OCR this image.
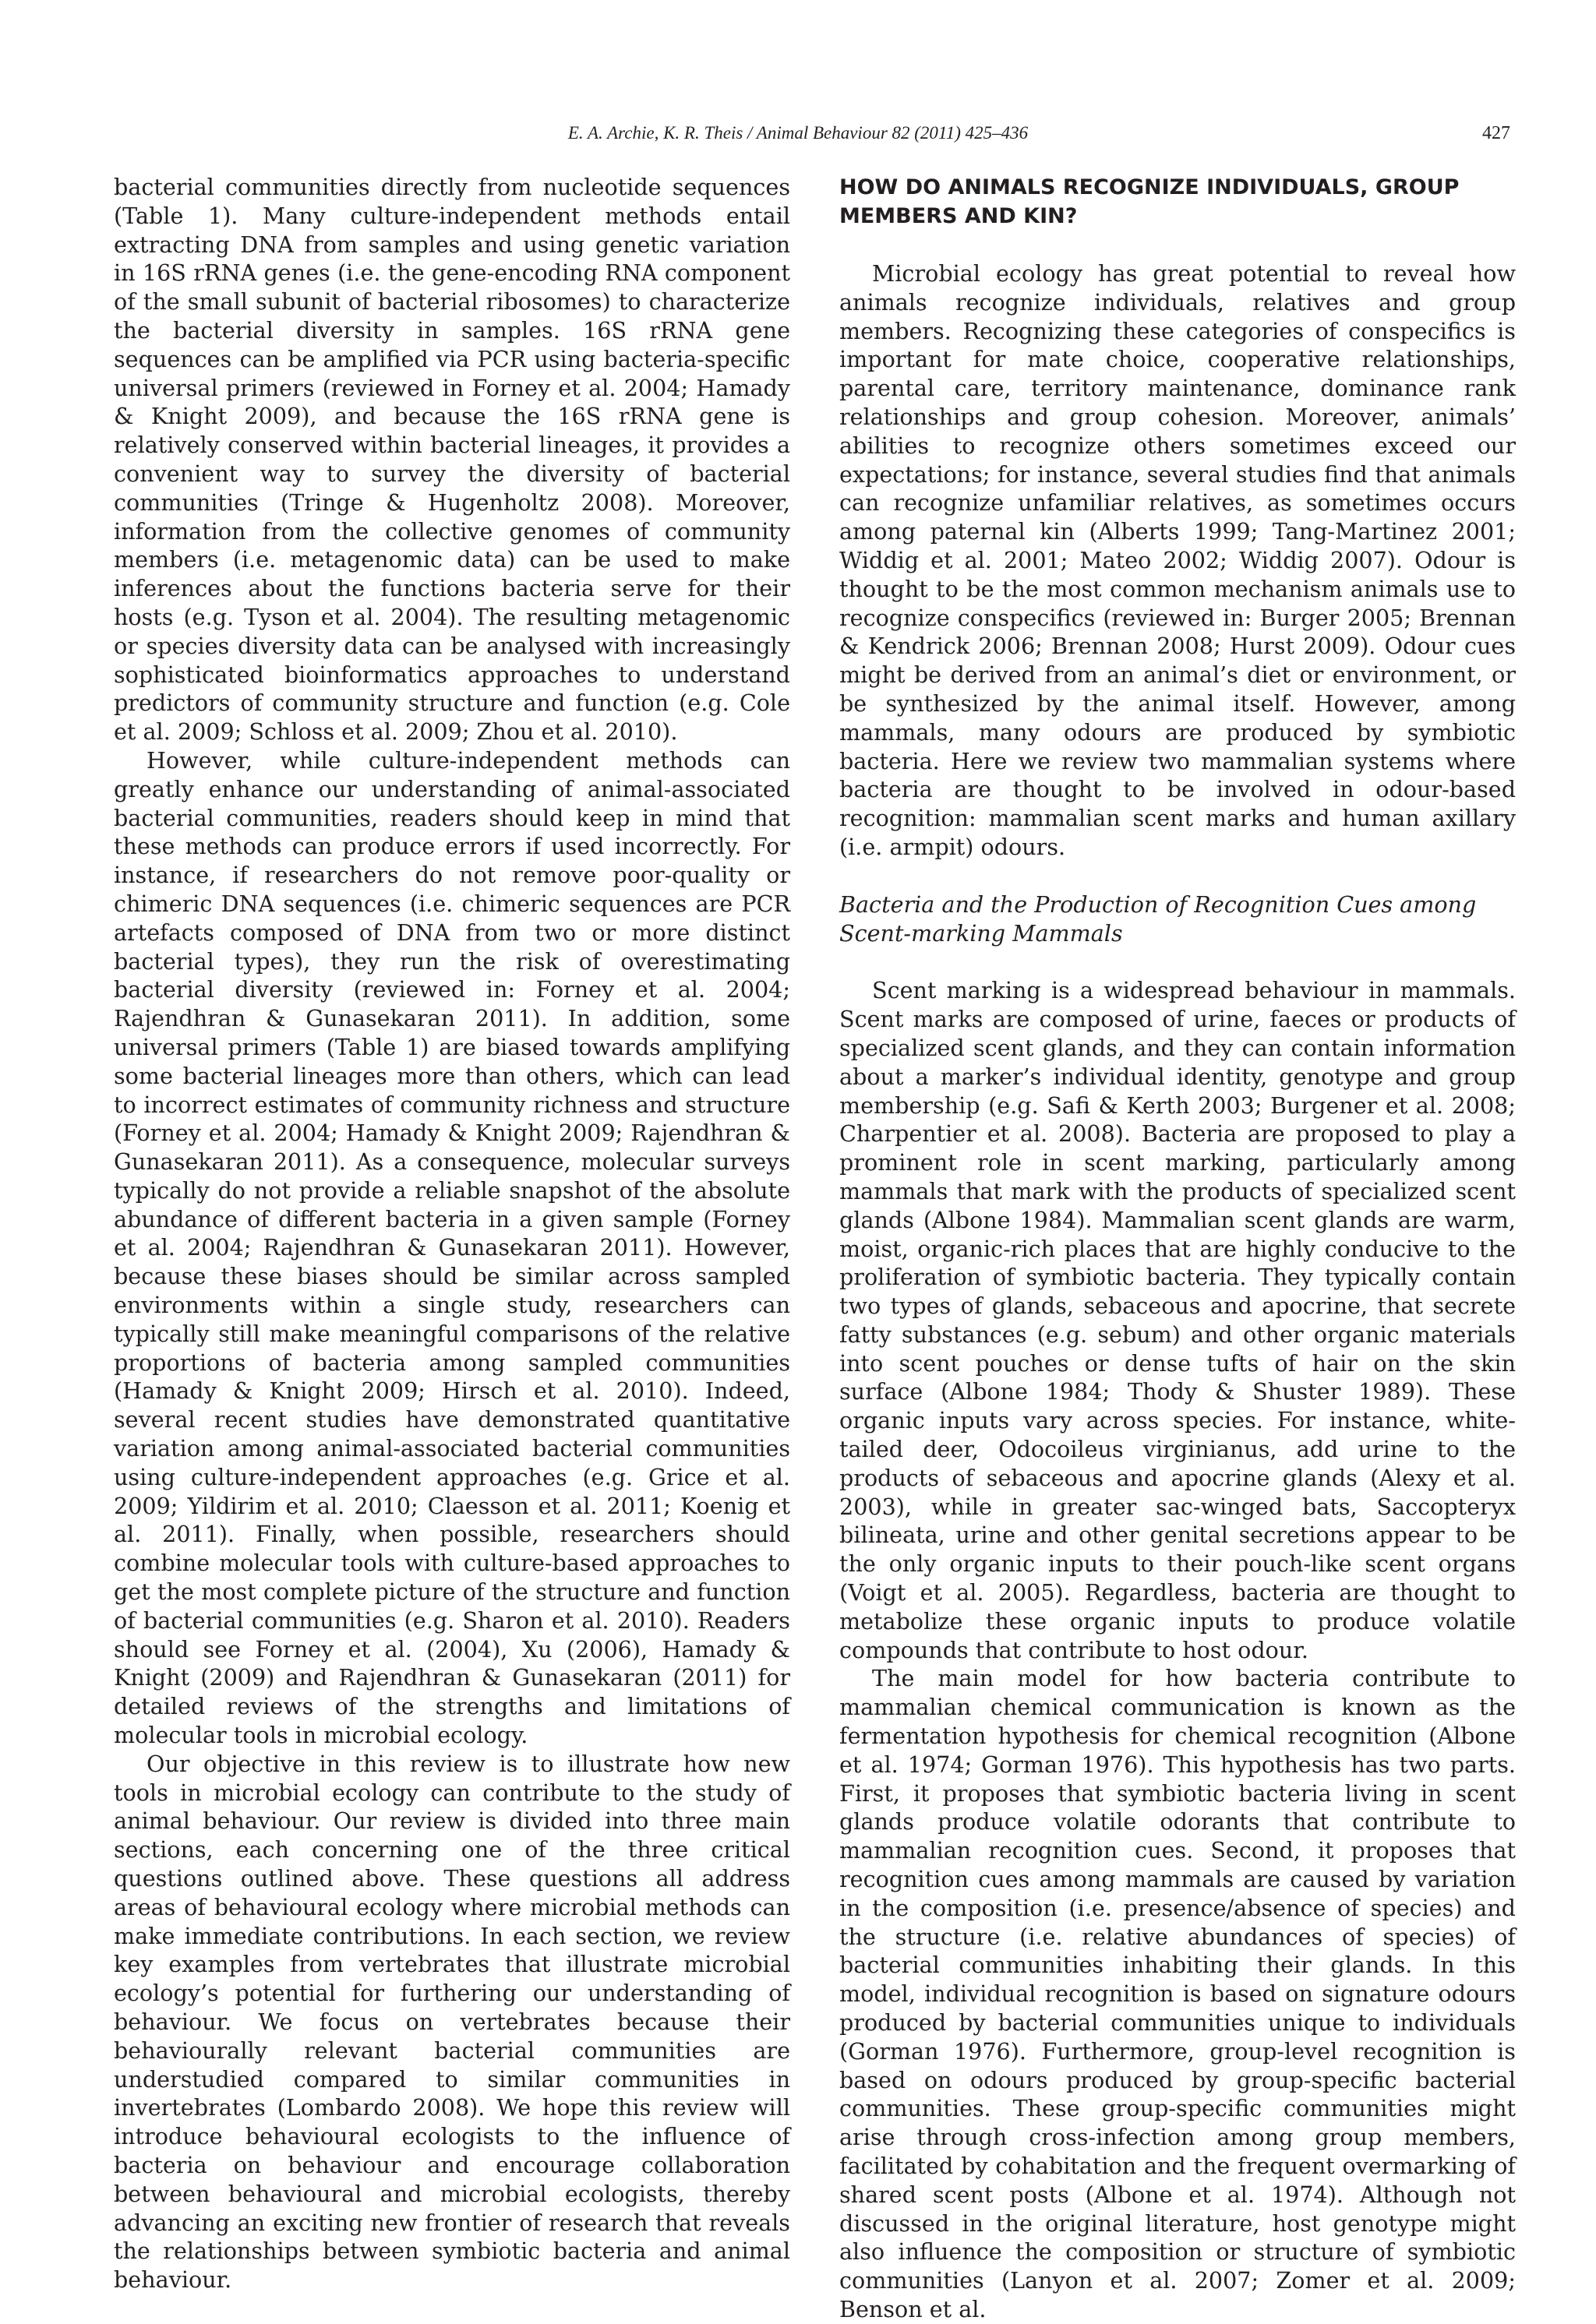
E. A. Archie, K. R. Theis / Animal Behaviour 82 (2011) 425–436	427

bacterial communities directly from nucleotide sequences (Table 1). Many culture-independent methods entail extracting DNA from samples and using genetic variation in 16S rRNA genes (i.e. the gene-encoding RNA component of the small subunit of bacterial ribosomes) to characterize the bacterial diversity in samples. 16S rRNA gene sequences can be amplified via PCR using bacteria-specific universal primers (reviewed in Forney et al. 2004; Hamady & Knight 2009), and because the 16S rRNA gene is relatively conserved within bacterial lineages, it provides a convenient way to survey the diversity of bacterial communities (Tringe & Hugenholtz 2008). Moreover, information from the collective genomes of community members (i.e. metagenomic data) can be used to make inferences about the functions bacteria serve for their hosts (e.g. Tyson et al. 2004). The resulting metagenomic or species diversity data can be analysed with increasingly sophisticated bioinformatics approaches to understand predictors of community structure and function (e.g. Cole et al. 2009; Schloss et al. 2009; Zhou et al. 2010).

However, while culture-independent methods can greatly enhance our understanding of animal-associated bacterial communities, readers should keep in mind that these methods can produce errors if used incorrectly. For instance, if researchers do not remove poor-quality or chimeric DNA sequences (i.e. chimeric sequences are PCR artefacts composed of DNA from two or more distinct bacterial types), they run the risk of overestimating bacterial diversity (reviewed in: Forney et al. 2004; Rajendhran & Gunasekaran 2011). In addition, some universal primers (Table 1) are biased towards amplifying some bacterial lineages more than others, which can lead to incorrect estimates of community richness and structure (Forney et al. 2004; Hamady & Knight 2009; Rajendhran & Gunasekaran 2011). As a consequence, molecular surveys typically do not provide a reliable snapshot of the absolute abundance of different bacteria in a given sample (Forney et al. 2004; Rajendhran & Gunasekaran 2011). However, because these biases should be similar across sampled environments within a single study, researchers can typically still make meaningful comparisons of the relative proportions of bacteria among sampled communities (Hamady & Knight 2009; Hirsch et al. 2010). Indeed, several recent studies have demonstrated quantitative variation among animal-associated bacterial communities using culture-independent approaches (e.g. Grice et al. 2009; Yildirim et al. 2010; Claesson et al. 2011; Koenig et al. 2011). Finally, when possible, researchers should combine molecular tools with culture-based approaches to get the most complete picture of the structure and function of bacterial communities (e.g. Sharon et al. 2010). Readers should see Forney et al. (2004), Xu (2006), Hamady & Knight (2009) and Rajendhran & Gunasekaran (2011) for detailed reviews of the strengths and limitations of molecular tools in microbial ecology.

Our objective in this review is to illustrate how new tools in microbial ecology can contribute to the study of animal behaviour. Our review is divided into three main sections, each concerning one of the three critical questions outlined above. These questions all address areas of behavioural ecology where microbial methods can make immediate contributions. In each section, we review key examples from vertebrates that illustrate microbial ecology’s potential for furthering our understanding of behaviour. We focus on vertebrates because their behaviourally relevant bacterial communities are understudied compared to similar communities in invertebrates (Lombardo 2008). We hope this review will introduce behavioural ecologists to the influence of bacteria on behaviour and encourage collaboration between behavioural and microbial ecologists, thereby advancing an exciting new frontier of research that reveals the relationships between symbiotic bacteria and animal behaviour.

HOW DO ANIMALS RECOGNIZE INDIVIDUALS, GROUP MEMBERS AND KIN?

Microbial ecology has great potential to reveal how animals recognize individuals, relatives and group members. Recognizing these categories of conspecifics is important for mate choice, cooperative relationships, parental care, territory maintenance, dominance rank relationships and group cohesion. Moreover, animals’ abilities to recognize others sometimes exceed our expectations; for instance, several studies find that animals can recognize unfamiliar relatives, as sometimes occurs among paternal kin (Alberts 1999; Tang-Martinez 2001; Widdig et al. 2001; Mateo 2002; Widdig 2007). Odour is thought to be the most common mechanism animals use to recognize conspecifics (reviewed in: Burger 2005; Brennan & Kendrick 2006; Brennan 2008; Hurst 2009). Odour cues might be derived from an animal’s diet or environment, or be synthesized by the animal itself. However, among mammals, many odours are produced by symbiotic bacteria. Here we review two mammalian systems where bacteria are thought to be involved in odour-based recognition: mammalian scent marks and human axillary (i.e. armpit) odours.

Bacteria and the Production of Recognition Cues among Scent-marking Mammals

Scent marking is a widespread behaviour in mammals. Scent marks are composed of urine, faeces or products of specialized scent glands, and they can contain information about a marker’s individual identity, genotype and group membership (e.g. Safi & Kerth 2003; Burgener et al. 2008; Charpentier et al. 2008). Bacteria are proposed to play a prominent role in scent marking, particularly among mammals that mark with the products of specialized scent glands (Albone 1984). Mammalian scent glands are warm, moist, organic-rich places that are highly conducive to the proliferation of symbiotic bacteria. They typically contain two types of glands, sebaceous and apocrine, that secrete fatty substances (e.g. sebum) and other organic materials into scent pouches or dense tufts of hair on the skin surface (Albone 1984; Thody & Shuster 1989). These organic inputs vary across species. For instance, white-tailed deer, Odocoileus virginianus, add urine to the products of sebaceous and apocrine glands (Alexy et al. 2003), while in greater sac-winged bats, Saccopteryx bilineata, urine and other genital secretions appear to be the only organic inputs to their pouch-like scent organs (Voigt et al. 2005). Regardless, bacteria are thought to metabolize these organic inputs to produce volatile compounds that contribute to host odour.

The main model for how bacteria contribute to mammalian chemical communication is known as the fermentation hypothesis for chemical recognition (Albone et al. 1974; Gorman 1976). This hypothesis has two parts. First, it proposes that symbiotic bacteria living in scent glands produce volatile odorants that contribute to mammalian recognition cues. Second, it proposes that recognition cues among mammals are caused by variation in the composition (i.e. presence/absence of species) and the structure (i.e. relative abundances of species) of bacterial communities inhabiting their glands. In this model, individual recognition is based on signature odours produced by bacterial communities unique to individuals (Gorman 1976). Furthermore, group-level recognition is based on odours produced by group-specific bacterial communities. These group-specific communities might arise through cross-infection among group members, facilitated by cohabitation and the frequent overmarking of shared scent posts (Albone et al. 1974). Although not discussed in the original literature, host genotype might also influence the composition or structure of symbiotic communities (Lanyon et al. 2007; Zomer et al. 2009; Benson et al.
